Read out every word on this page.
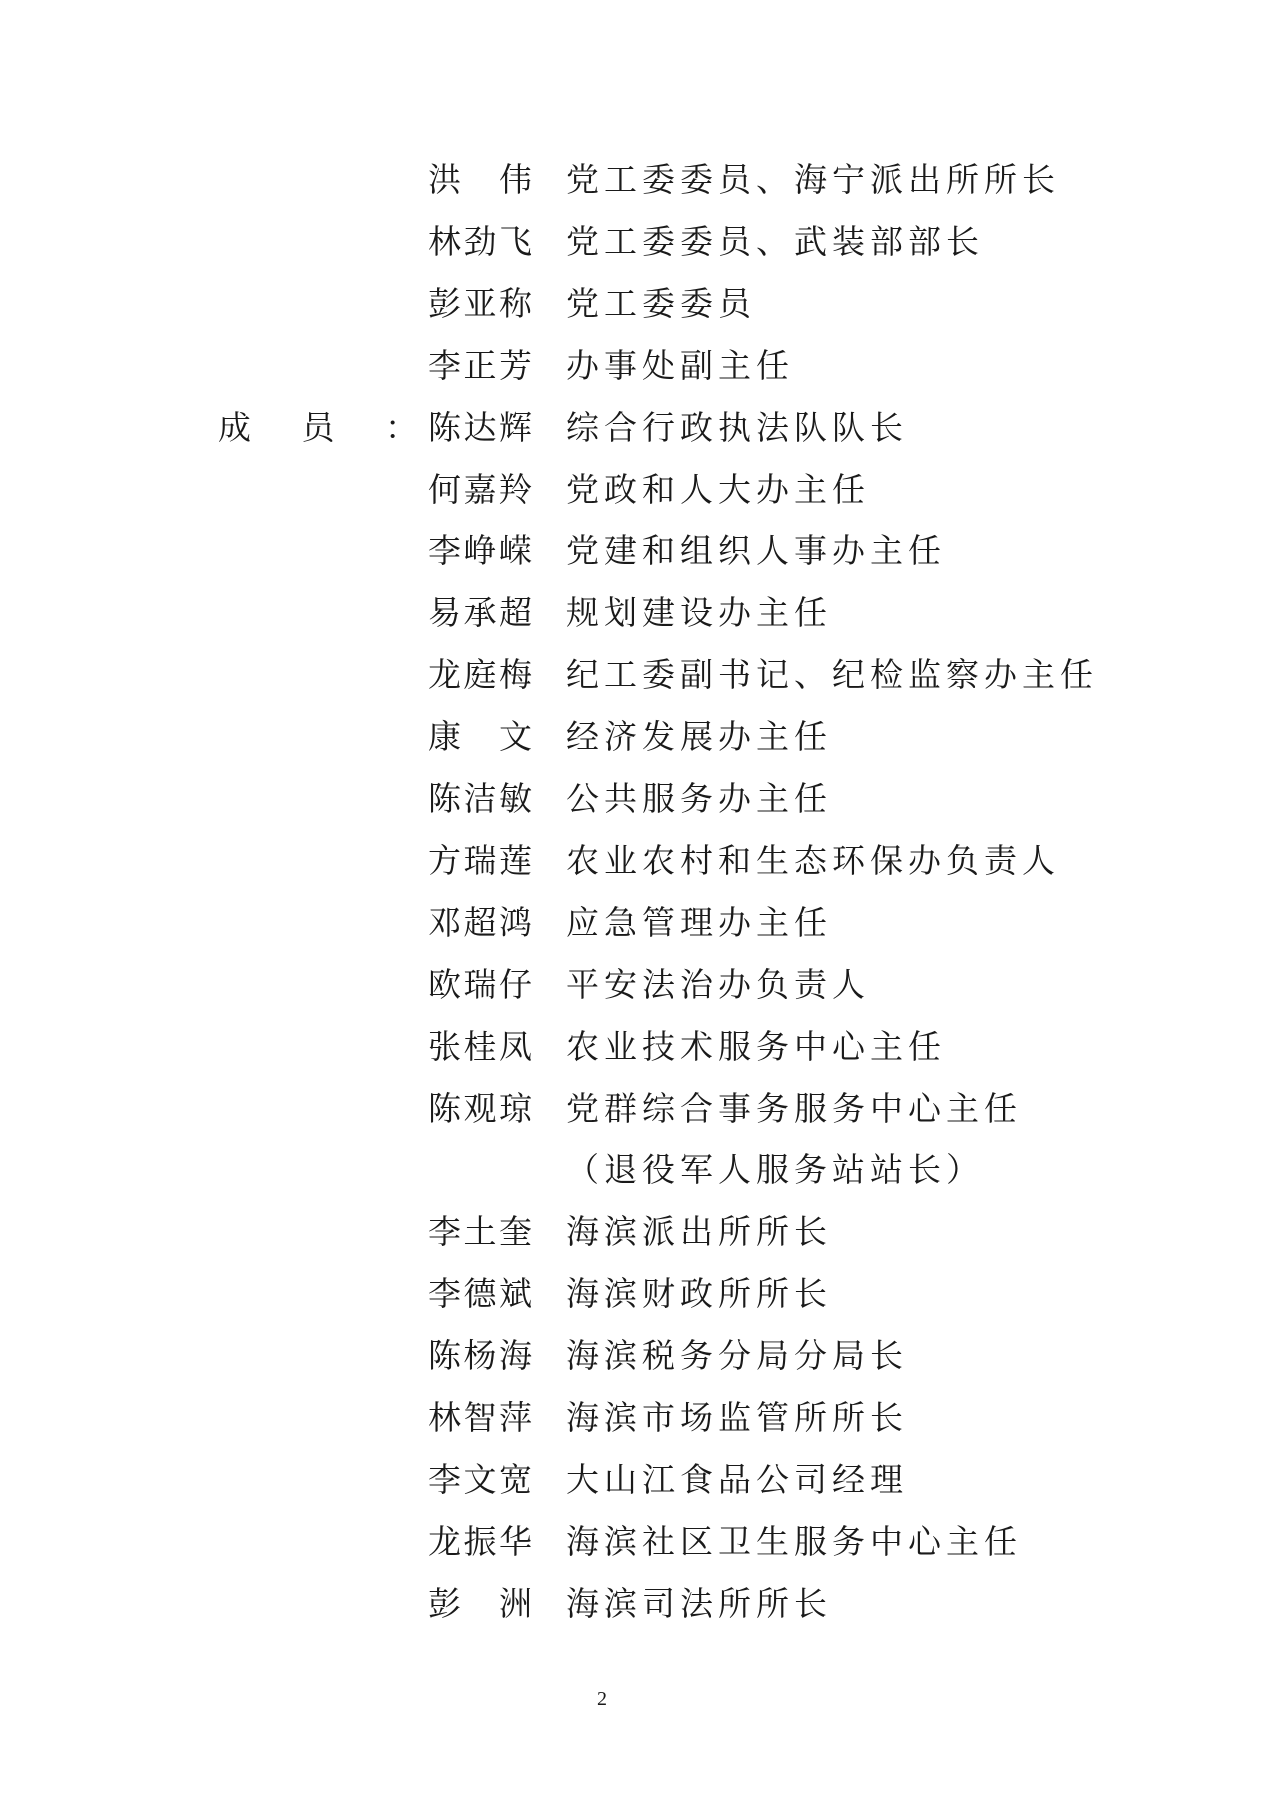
洪 伟 党工委委员、海宁派出所所长
林 劲 飞 党工委委员、武装部部长
彭 亚 称 党工委委员
李 正 芳 办事处副主任
成 员 ： 陈 达 辉 综合行政执法队队长
何 嘉 羚 党政和人大办主任
李 峥 嵘 党建和组织人事办主任
易 承 超 规划建设办主任
龙 庭 梅 纪工委副书记、纪检监察办主任
康 文 经济发展办主任
陈 洁 敏 公共服务办主任
方 瑞 莲 农业农村和生态环保办负责人
邓 超 鸿 应急管理办主任
欧 瑞 仔 平安法治办负责人
张 桂 凤 农业技术服务中心主任
陈 观 琼 党群综合事务服务中心主任
（退役军人服务站站长）
李 土 奎 海滨派出所所长
李 德 斌 海滨财政所所长
陈 杨 海 海滨税务分局分局长
林 智 萍 海滨市场监管所所长
李 文 宽 大山江食品公司经理
龙 振 华 海滨社区卫生服务中心主任
彭 洲 海滨司法所所长
2
